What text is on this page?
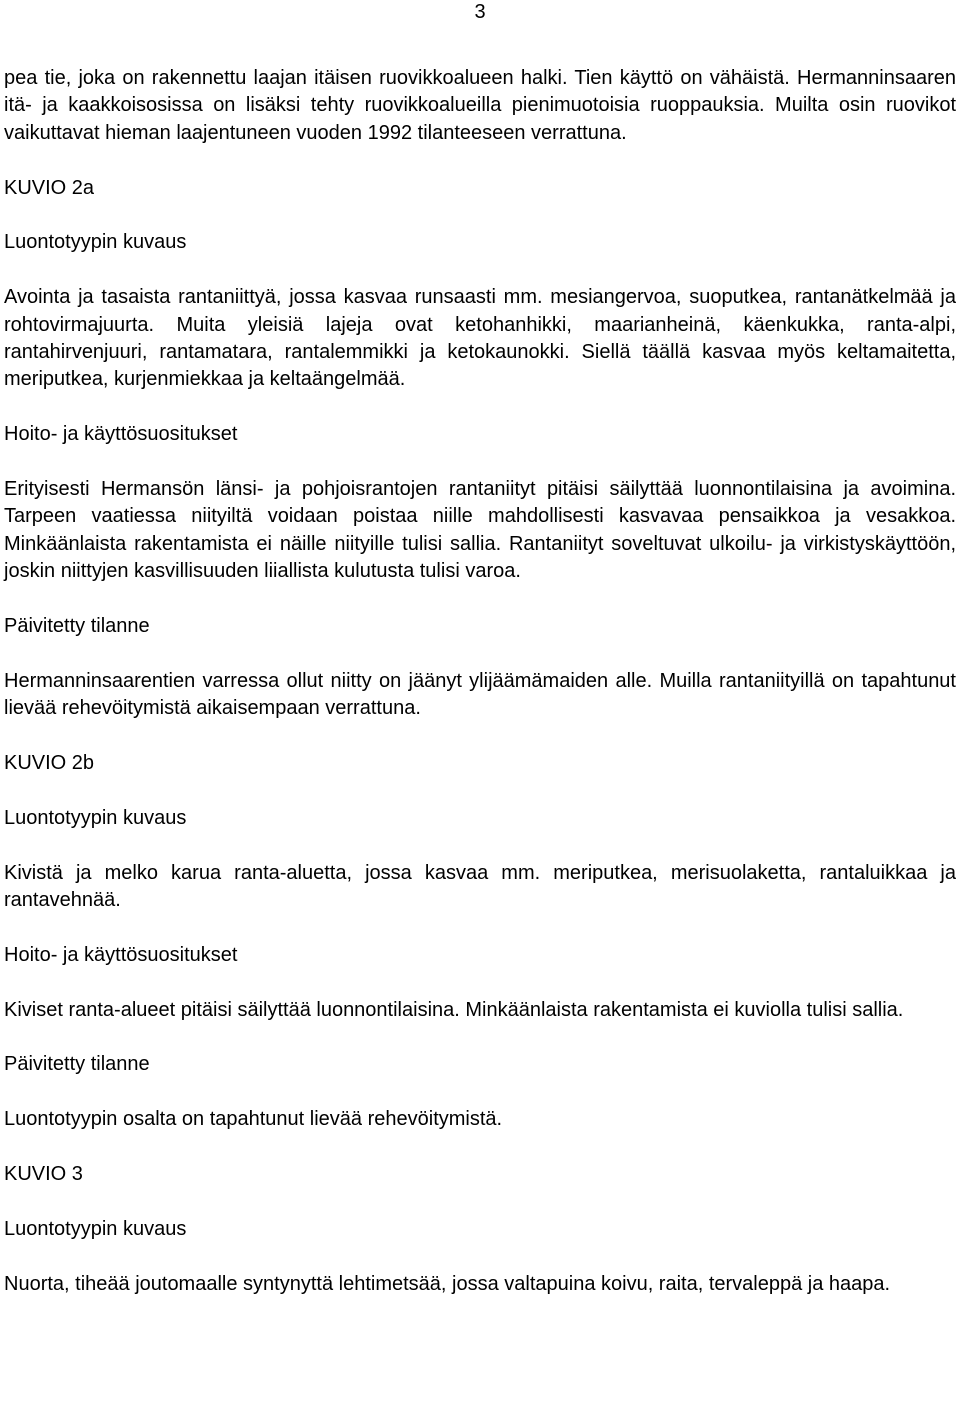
3

pea tie, joka on rakennettu laajan itäisen ruovikkoalueen halki. Tien käyttö on vähäistä. Hermanninsaaren itä- ja kaakkoisosissa on lisäksi tehty ruovikkoalueilla pienimuotoisia ruoppauksia. Muilta osin ruovikot vaikuttavat hieman laajentuneen vuoden 1992 tilanteeseen verrattuna.

KUVIO 2a
Luontotyypin kuvaus

Avointa ja tasaista rantaniittyä, jossa kasvaa runsaasti mm. mesiangervoa, suoputkea, rantanätkelmää ja rohtovirmajuurta. Muita yleisiä lajeja ovat ketohanhikki, maarianheinä, käenkukka, ranta-alpi, rantahirvenjuuri, rantamatara, rantalemmikki ja ketokaunokki. Siellä täällä kasvaa myös keltamaitetta, meriputkea, kurjenmiekkaa ja keltaängelmää.

Hoito- ja käyttösuositukset

Erityisesti Hermansön länsi- ja pohjoisrantojen rantaniityt pitäisi säilyttää luonnontilaisina ja avoimina. Tarpeen vaatiessa niityiltä voidaan poistaa niille mahdollisesti kasvavaa pensaikkoa ja vesakkoa. Minkäänlaista rakentamista ei näille niityille tulisi sallia. Rantaniityt soveltuvat ulkoilu- ja virkistyskäyttöön, joskin niittyjen kasvillisuuden liiallista kulutusta tulisi varoa.

Päivitetty tilanne

Hermanninsaarentien varressa ollut niitty on jäänyt ylijäämämaiden alle. Muilla rantaniityillä on tapahtunut lievää rehevöitymistä aikaisempaan verrattuna.

KUVIO 2b
Luontotyypin kuvaus

Kivistä ja melko karua ranta-aluetta, jossa kasvaa mm. meriputkea, merisuolaketta, rantaluikkaa ja rantavehnää.

Hoito- ja käyttösuositukset

Kiviset ranta-alueet pitäisi säilyttää luonnontilaisina. Minkäänlaista rakentamista ei kuviolla tulisi sallia.

Päivitetty tilanne

Luontotyypin osalta on tapahtunut lievää rehevöitymistä.

KUVIO 3
Luontotyypin kuvaus

Nuorta, tiheää joutomaalle syntynyttä lehtimetsää, jossa valtapuina koivu, raita, tervaleppä ja haapa.
